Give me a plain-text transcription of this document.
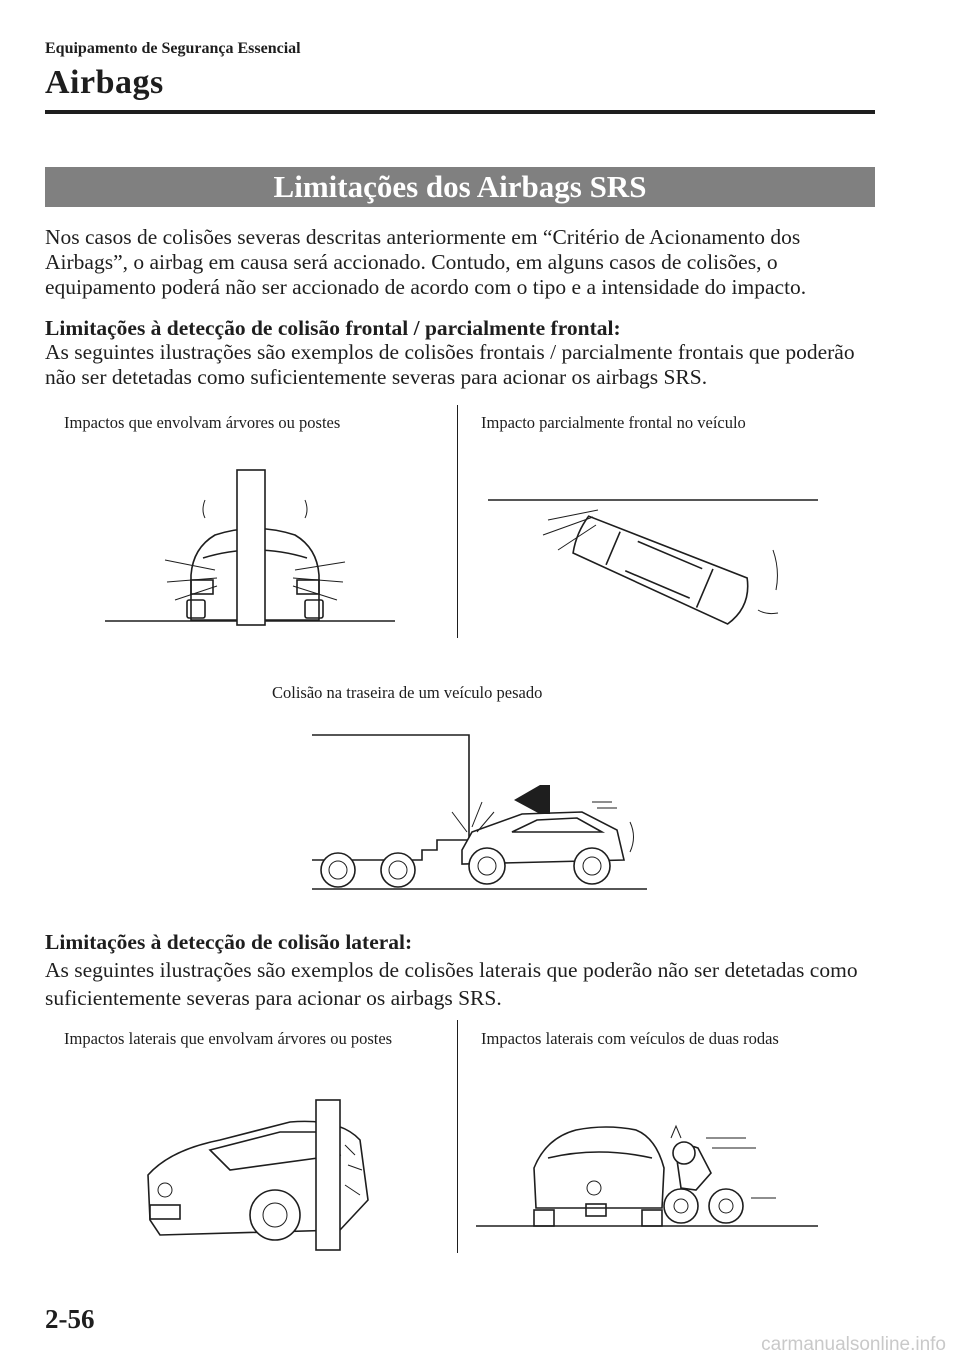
Equipamento de Segurança Essencial
Airbags
Limitações dos Airbags SRS
Nos casos de colisões severas descritas anteriormente em “Critério de Acionamento dos Airbags”, o airbag em causa será accionado. Contudo, em alguns casos de colisões, o equipamento poderá não ser accionado de acordo com o tipo e a intensidade do impacto.
Limitações à detecção de colisão frontal / parcialmente frontal:
As seguintes ilustrações são exemplos de colisões frontais / parcialmente frontais que poderão não ser detetadas como suficientemente severas para acionar os airbags SRS.
Impactos que envolvam árvores ou postes	Impacto parcialmente frontal no veículo
Colisão na traseira de um veículo pesado
Limitações à detecção de colisão lateral:
As seguintes ilustrações são exemplos de colisões laterais que poderão não ser detetadas como suficientemente severas para acionar os airbags SRS.
Impactos laterais que envolvam árvores ou postes	Impactos laterais com veículos de duas rodas
2-56
carmanualsonline.info
